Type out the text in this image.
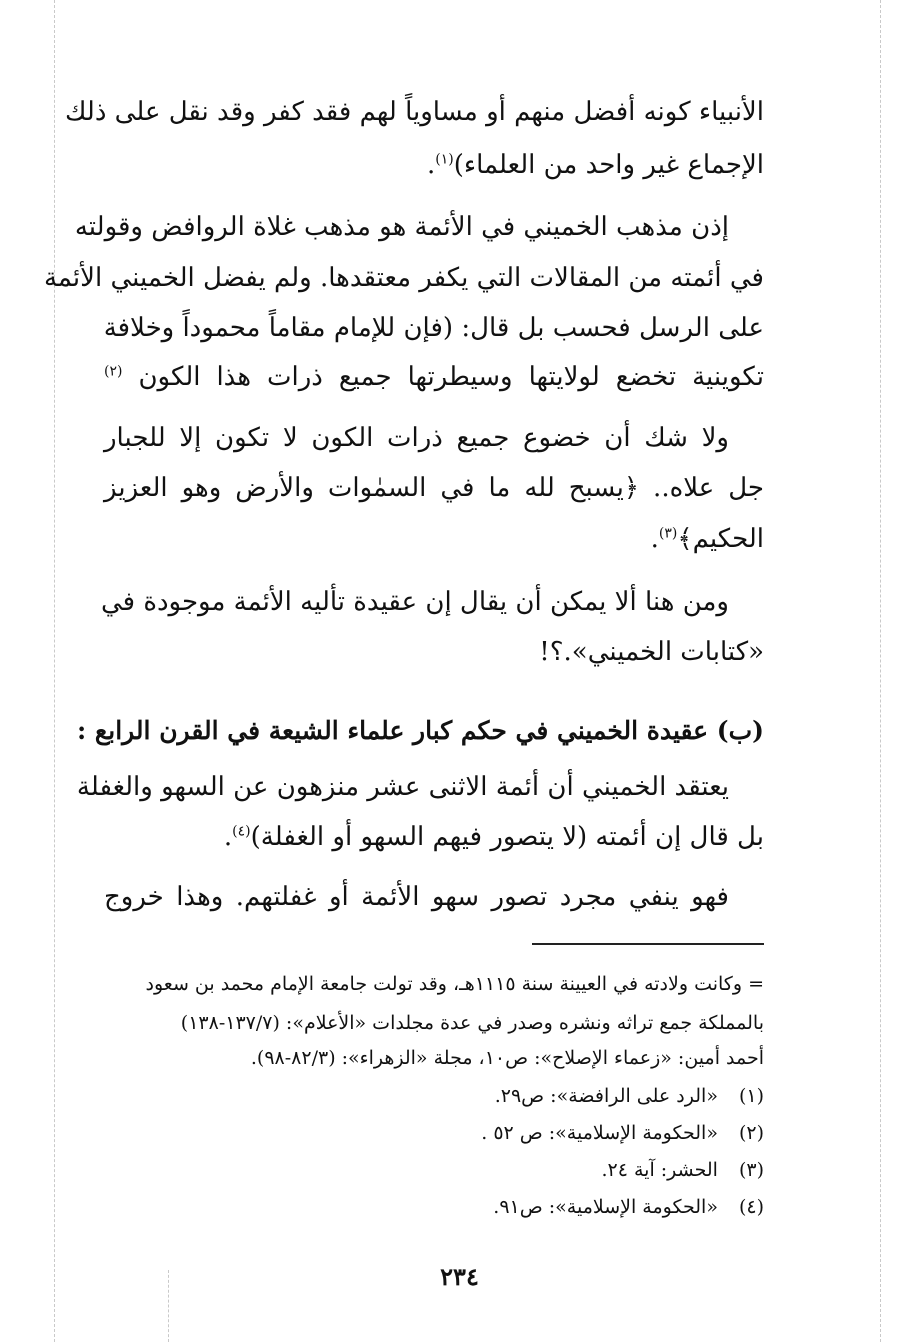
الأنبياء كونه أفضل منهم أو مساوياً لهم فقد كفر وقد نقل على ذلك
الإجماع غير واحد من العلماء)$^{(١)}$.
إذن مذهب الخميني في الأئمة هو مذهب غلاة الروافض وقولته
في أئمته من المقالات التي يكفر معتقدها. ولم يفضل الخميني الأئمة
على الرسل فحسب بل قال: (فإن للإمام مقاماً محموداً وخلافة
تكوينية تخضع لولايتها وسيطرتها جميع ذرات هذا الكون $^{(٢)}$
ولا شك أن خضوع جميع ذرات الكون لا تكون إلا للجبار
جل علاه.. ﴿يسبح لله ما في السمٰوات والأرض وهو العزيز
الحكيم﴾$^{(٣)}$.
ومن هنا ألا يمكن أن يقال إن عقيدة تأليه الأئمة موجودة في
«كتابات الخميني».؟!
(ب) عقيدة الخميني في حكم كبار علماء الشيعة في القرن الرابع :
يعتقد الخميني أن أئمة الاثنى عشر منزهون عن السهو والغفلة
بل قال إن أئمته (لا يتصور فيهم السهو أو الغفلة)$^{(٤)}$.
فهو ينفي مجرد تصور سهو الأئمة أو غفلتهم. وهذا خروج
= وكانت ولادته في العيينة سنة ١١١٥هـ، وقد تولت جامعة الإمام محمد بن سعود
بالمملكة جمع تراثه ونشره وصدر في عدة مجلدات «الأعلام»: (١٣٧/٧-١٣٨)
أحمد أمين: «زعماء الإصلاح»: ص١٠، مجلة «الزهراء»: (٨٢/٣-٩٨).
(١) «الرد على الرافضة»: ص٢٩.
(٢) «الحكومة الإسلامية»: ص ٥٢ .
(٣) الحشر: آية ٢٤.
(٤) «الحكومة الإسلامية»: ص٩١.
٢٣٤
